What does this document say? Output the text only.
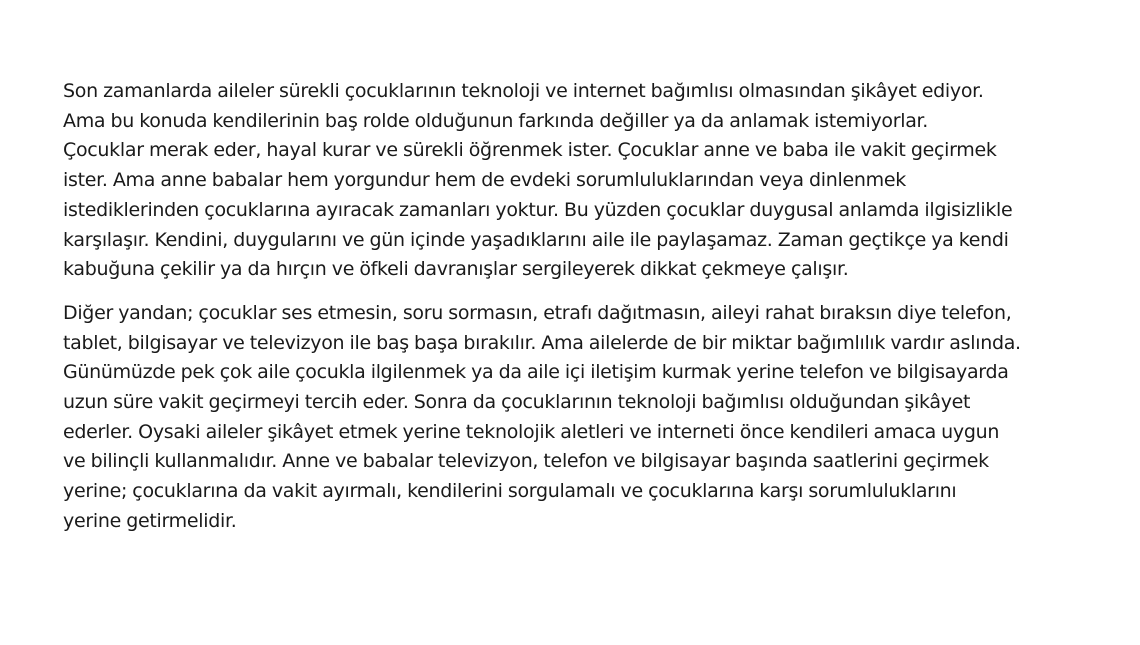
Son zamanlarda aileler sürekli çocuklarının teknoloji ve internet bağımlısı olmasından şikâyet ediyor.
Ama bu konuda kendilerinin baş rolde olduğunun farkında değiller ya da anlamak istemiyorlar.
Çocuklar merak eder, hayal kurar ve sürekli öğrenmek ister. Çocuklar anne ve baba ile vakit geçirmek
ister. Ama anne babalar hem yorgundur hem de evdeki sorumluluklarından veya dinlenmek
istediklerinden çocuklarına ayıracak zamanları yoktur. Bu yüzden çocuklar duygusal anlamda ilgisizlikle
karşılaşır. Kendini, duygularını ve gün içinde yaşadıklarını aile ile paylaşamaz. Zaman geçtikçe ya kendi
kabuğuna çekilir ya da hırçın ve öfkeli davranışlar sergileyerek dikkat çekmeye çalışır.

Diğer yandan; çocuklar ses etmesin, soru sormasın, etrafı dağıtmasın, aileyi rahat bıraksın diye telefon,
tablet, bilgisayar ve televizyon ile baş başa bırakılır. Ama ailelerde de bir miktar bağımlılık vardır aslında.
Günümüzde pek çok aile çocukla ilgilenmek ya da aile içi iletişim kurmak yerine telefon ve bilgisayarda
uzun süre vakit geçirmeyi tercih eder. Sonra da çocuklarının teknoloji bağımlısı olduğundan şikâyet
ederler. Oysaki aileler şikâyet etmek yerine teknolojik aletleri ve interneti önce kendileri amaca uygun
ve bilinçli kullanmalıdır. Anne ve babalar televizyon, telefon ve bilgisayar başında saatlerini geçirmek
yerine; çocuklarına da vakit ayırmalı, kendilerini sorgulamalı ve çocuklarına karşı sorumluluklarını
yerine getirmelidir.
